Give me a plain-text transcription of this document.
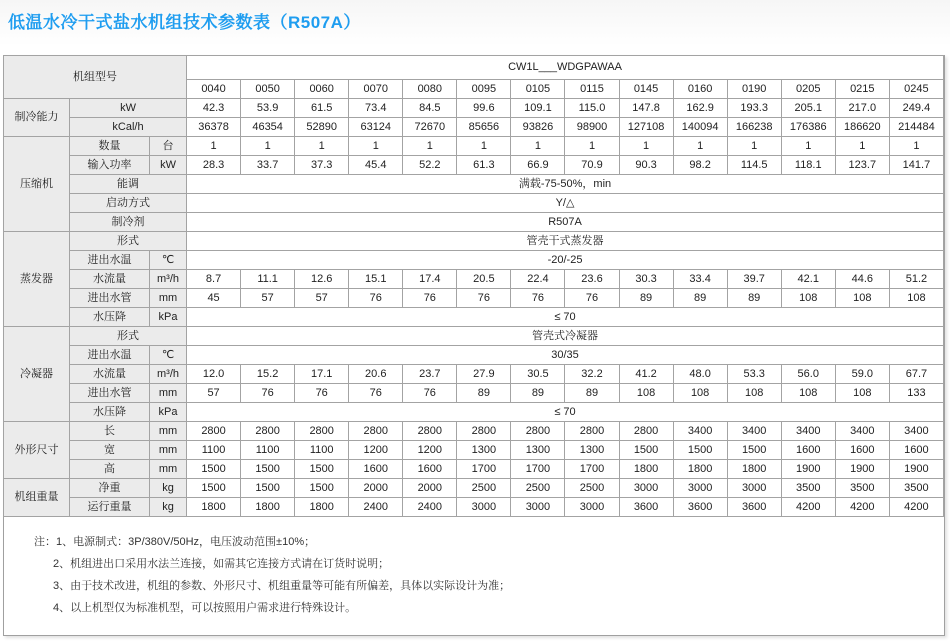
低温水冷干式盐水机组技术参数表（R507A）
机组型号			CW1L___WDGPAWAA													
			0040	0050	0060	0070	0080	0095	0105	0115	0145	0160	0190	0205	0215	0245
制冷能力	kW		42.3	53.9	61.5	73.4	84.5	99.6	109.1	115.0	147.8	162.9	193.3	205.1	217.0	249.4
	kCal/h		36378	46354	52890	63124	72670	85656	93826	98900	127108	140094	166238	176386	186620	214484
压缩机	数量	台	1	1	1	1	1	1	1	1	1	1	1	1	1	1
	输入功率	kW	28.3	33.7	37.3	45.4	52.2	61.3	66.9	70.9	90.3	98.2	114.5	118.1	123.7	141.7
	能调		满载-75-50%，min													
	启动方式		Y/△													
	制冷剂		R507A													
蒸发器	形式		管壳干式蒸发器													
	进出水温	℃	-20/-25													
	水流量	m³/h	8.7	11.1	12.6	15.1	17.4	20.5	22.4	23.6	30.3	33.4	39.7	42.1	44.6	51.2
	进出水管	mm	45	57	57	76	76	76	76	76	89	89	89	108	108	108
	水压降	kPa	≤ 70													
冷凝器	形式		管壳式冷凝器													
	进出水温	℃	30/35													
	水流量	m³/h	12.0	15.2	17.1	20.6	23.7	27.9	30.5	32.2	41.2	48.0	53.3	56.0	59.0	67.7
	进出水管	mm	57	76	76	76	76	89	89	89	108	108	108	108	108	133
	水压降	kPa	≤ 70													
外形尺寸	长	mm	2800	2800	2800	2800	2800	2800	2800	2800	2800	3400	3400	3400	3400	3400
	宽	mm	1100	1100	1100	1200	1200	1300	1300	1300	1500	1500	1500	1600	1600	1600
	高	mm	1500	1500	1500	1600	1600	1700	1700	1700	1800	1800	1800	1900	1900	1900
机组重量	净重	kg	1500	1500	1500	2000	2000	2500	2500	2500	3000	3000	3000	3500	3500	3500
	运行重量	kg	1800	1800	1800	2400	2400	3000	3000	3000	3600	3600	3600	4200	4200	4200
注： 1、电源制式：3P/380V/50Hz，电压波动范围±10%；
2、机组进出口采用水法兰连接，如需其它连接方式请在订货时说明；
3、由于技术改进，机组的参数、外形尺寸、机组重量等可能有所偏差，具体以实际设计为准；
4、以上机型仅为标准机型，可以按照用户需求进行特殊设计。
